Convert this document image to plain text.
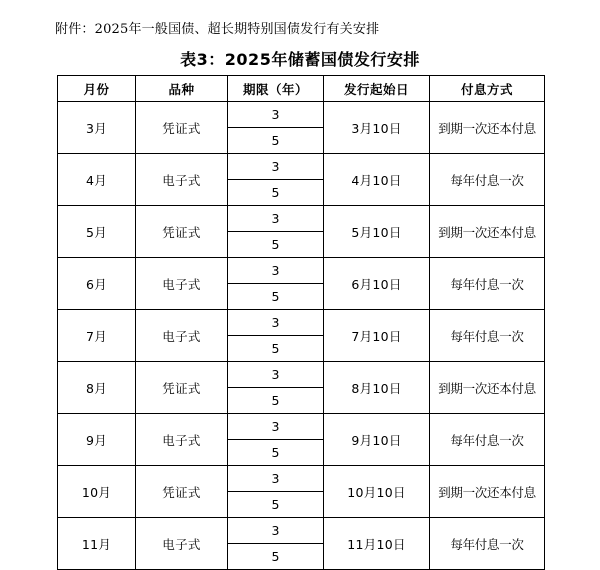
附件：2025年一般国债、超长期特别国债发行有关安排
表3：2025年储蓄国债发行安排
月份	品种	期限（年）	发行起始日	付息方式
3月	凭证式	3	3月10日	到期一次还本付息
		5		
4月	电子式	3	4月10日	每年付息一次
		5		
5月	凭证式	3	5月10日	到期一次还本付息
		5		
6月	电子式	3	6月10日	每年付息一次
		5		
7月	电子式	3	7月10日	每年付息一次
		5		
8月	凭证式	3	8月10日	到期一次还本付息
		5		
9月	电子式	3	9月10日	每年付息一次
		5		
10月	凭证式	3	10月10日	到期一次还本付息
		5		
11月	电子式	3	11月10日	每年付息一次
		5		
